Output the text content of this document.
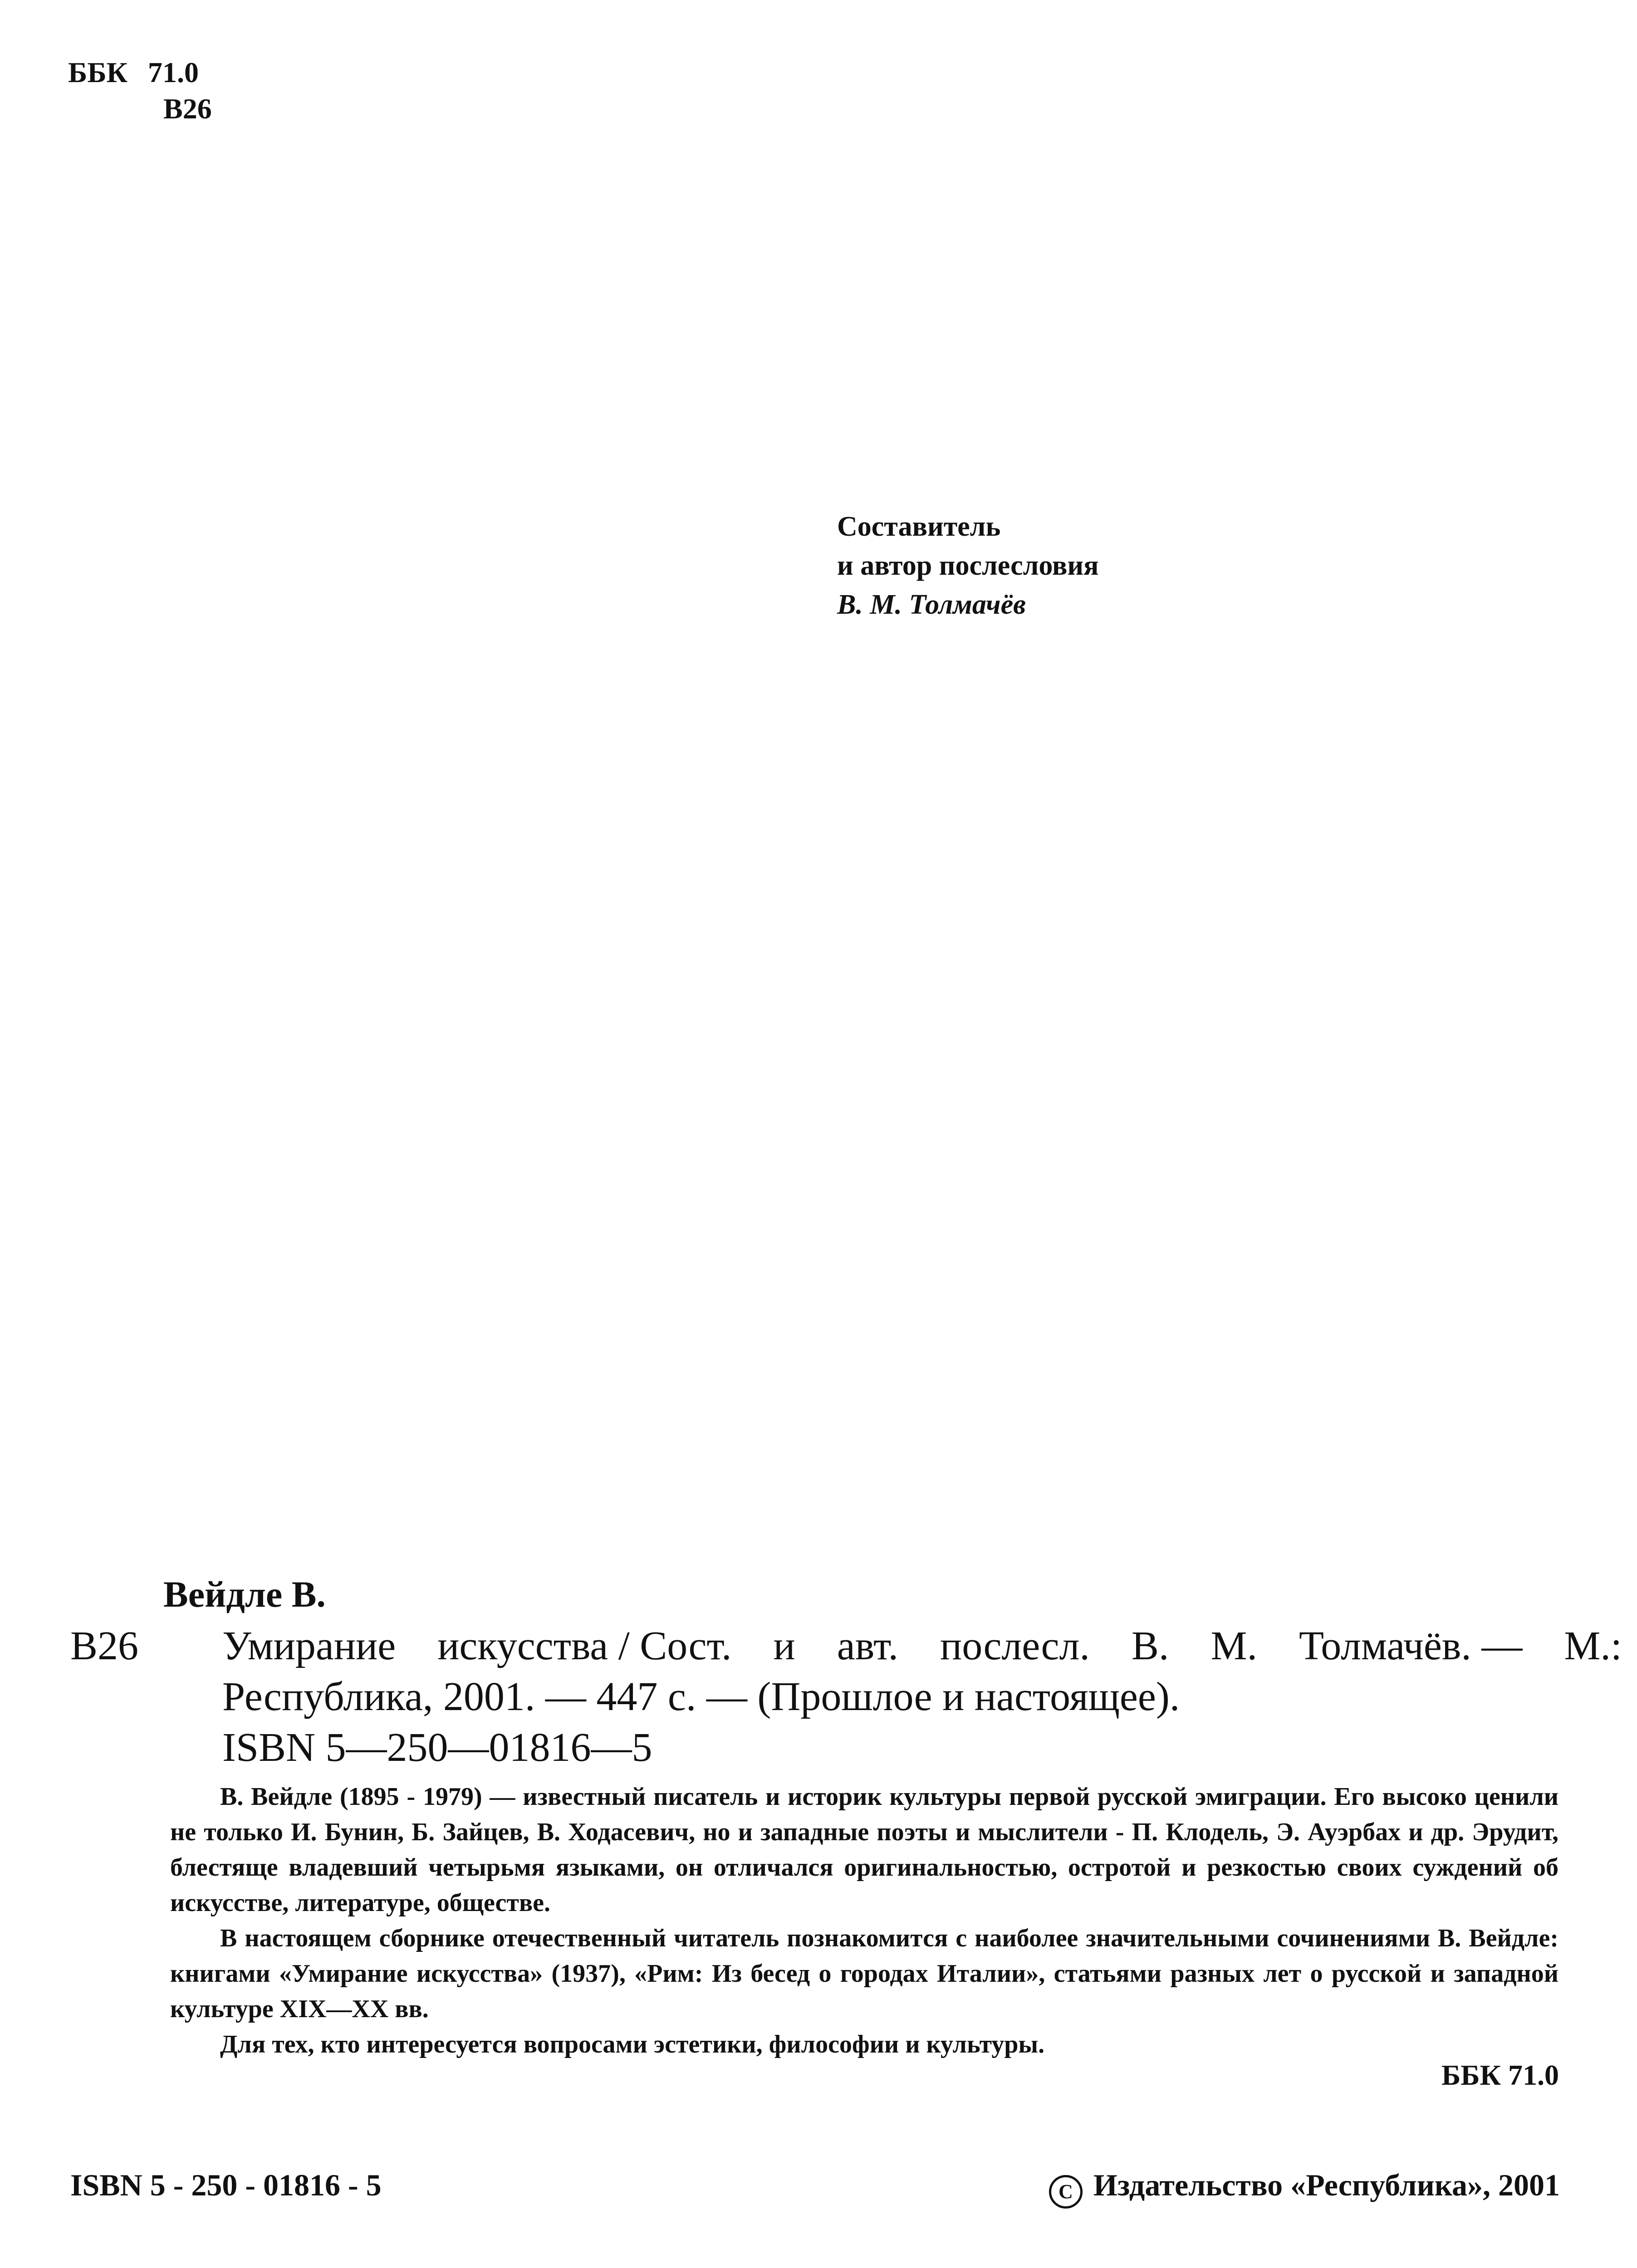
ББК 71.0
В26
Составитель
и автор послесловия
В. М. Толмачёв
Вейдле В.
В26 Умирание искусства / Сост. и авт. послесл. В. М. Толмачёв. — М.:
Республика, 2001. — 447 с. — (Прошлое и настоящее).
ISBN 5—250—01816—5

В. Вейдле (1895 - 1979) — известный писатель и историк культуры первой русской эмиграции. Его высоко ценили не только И. Бунин, Б. Зайцев, В. Ходасевич, но и западные поэты и мыслители - П. Клодель, Э. Ауэрбах и др. Эрудит, блестяще владевший четырьмя языками, он отличался оригинальностью, остротой и резкостью своих суждений об искусстве, литературе, обществе.

В настоящем сборнике отечественный читатель познакомится с наиболее значительными сочинениями В. Вейдле: книгами «Умирание искусства» (1937), «Рим: Из бесед о городах Италии», статьями разных лет о русской и западной культуре XIX—XX вв.

Для тех, кто интересуется вопросами эстетики, философии и культуры.

ББК 71.0
ISBN 5 - 250 - 01816 - 5	C Издательство «Республика», 2001
